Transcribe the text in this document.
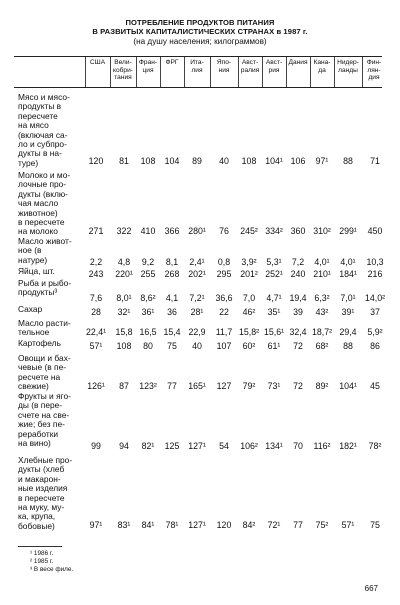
ПОТРЕБЛЕНИЕ ПРОДУКТОВ ПИТАНИЯ
В РАЗВИТЫХ КАПИТАЛИСТИЧЕСКИХ СТРАНАХ в 1987 г.
(на душу населения; килограммов)
США	Вели-
кобри-
тания
Фран-
ция
ФРГ	Ита-
лия
Япо-
ния
Авст-
ралия
Авст-
рия
Дания Кана-
да
Нидер-
ланды
Фин-
лян-
дия
Мясо и мясо-
продукты в
пересчете
на мясо
(включая са-
ло и субпро-
дукты в на-
туре)	120	81	108	104	89	40	108	104¹ 106	97¹	88	71
Молоко и мо-
лочные про-
дукты (вклю-
чая масло
животное)
в пересчете
на молоко	271	322	410	366	280¹	76	245² 334² 360 310² 299¹	450
Масло живот-
ное (в
натуре)	2,2	4,8	9,2	8,1	2,4¹	0,8	3,9²	5,3¹	7,2	4,0¹	4,0¹	10,3
Яйца, шт.	243	220¹ 255	268	202¹	295	201² 252¹ 240 210¹ 184¹	216
Рыба и рыбо-
продукты³
7,6	8,0¹	8,6²	4,1	7,2¹	36,6	7,0	4,7¹ 19,4 6,3²	7,0¹	14,0²
Сахар	28	32¹	36¹	36	28¹	22	46²	35¹	39	43²	39¹	37
Масло расти-
тельное	22,4¹	15,8 16,5 15,4 22,9	11,7 15,8² 15,6¹ 32,4 18,7² 29,4	5,9²
Картофель	57¹	108	80	75	40	107	60²	61¹	72	68²	88	86
Овощи и бах-
чевые (в пе-
ресчете на
свежие)	126¹	87	123²	77	165¹	127	79²	73¹	72	89²	104¹	45
Фрукты и яго-
ды (в пере-
счете на све-
жие; без пе-
реработки
на вино)	99	94	82¹	125	127¹	54	106² 134¹	70	116² 182¹	78²
Хлебные про-
дукты (хлеб
и макарон-
ные изделия
в пересчете
на муку, му-
ка, крупа,
бобовые)	97¹	83¹	84¹	78¹	127¹	120	84²	72¹	77	75²	57¹	75
¹ 1986 г.
² 1985 г.
³ В весе филе.
667
